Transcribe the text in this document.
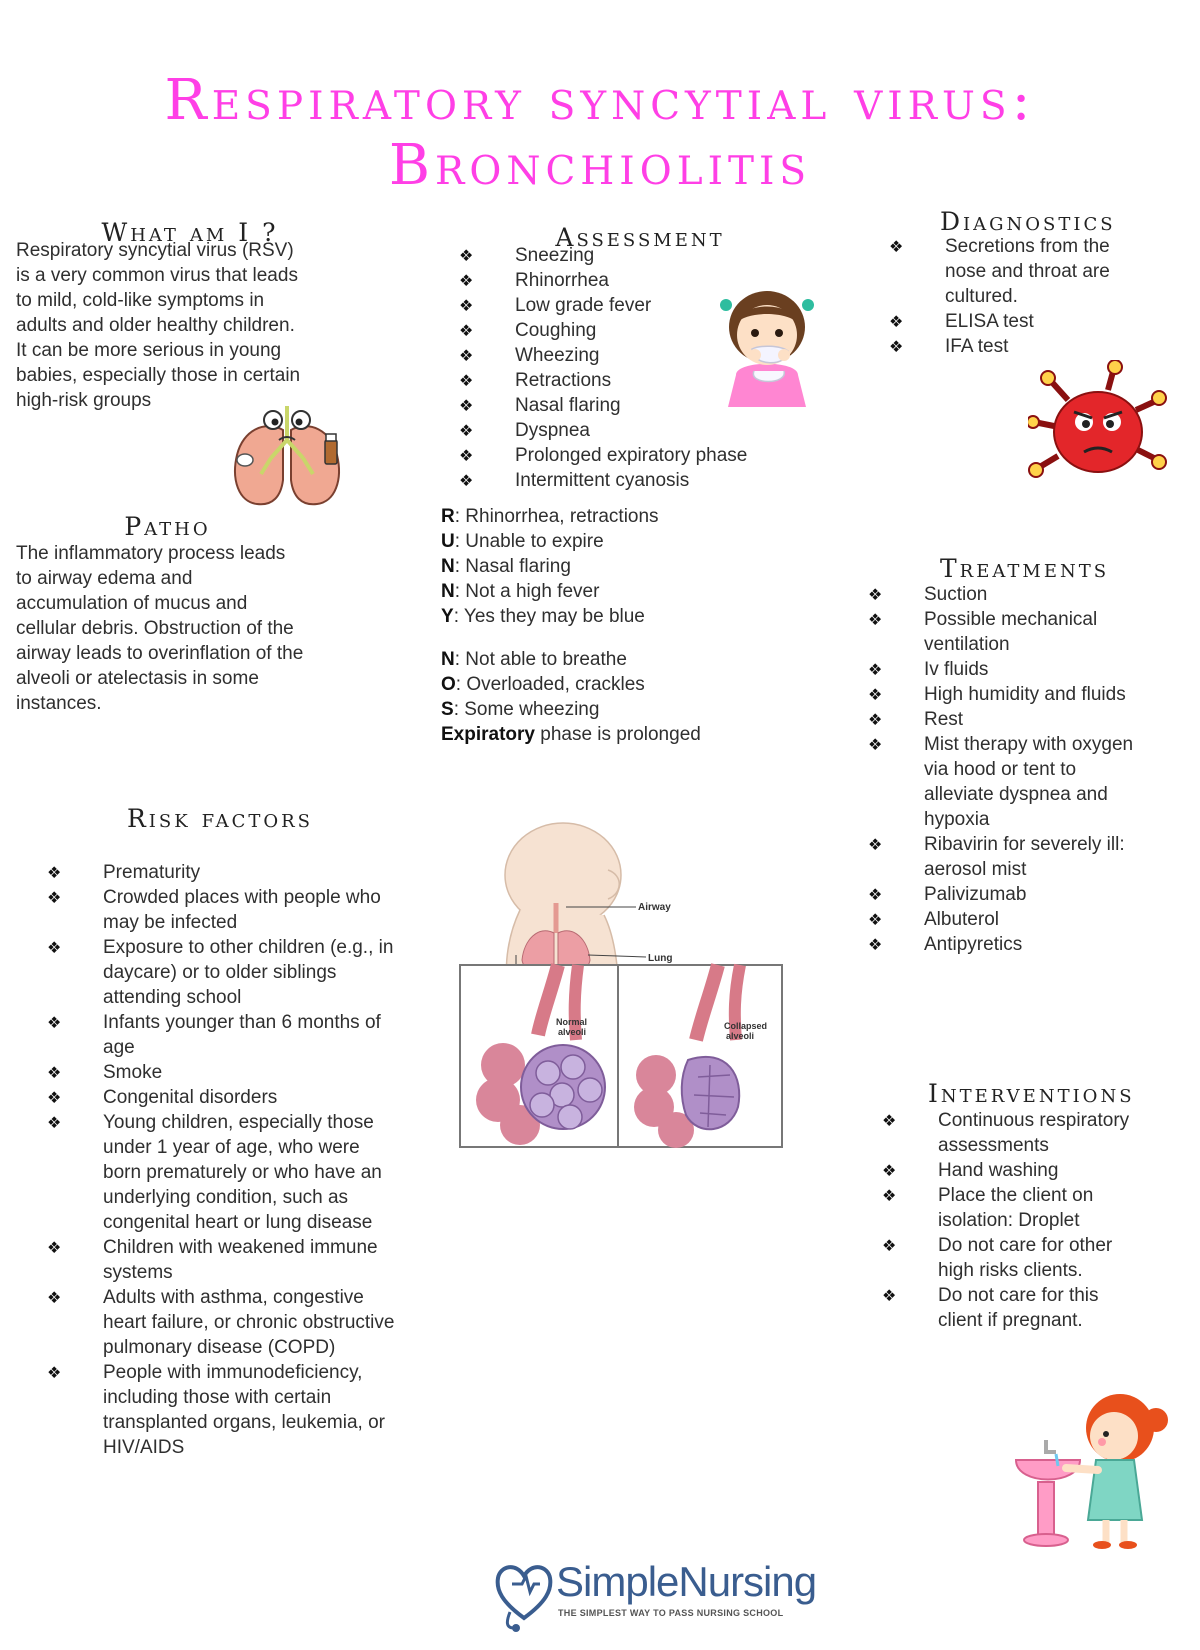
Respiratory syncytial virus: Bronchiolitis
What am I ?

Respiratory syncytial virus (RSV)
is a very common virus that leads
to mild, cold-like symptoms in
adults and older healthy children.
It can be more serious in young
babies, especially those in certain
high-risk groups

Patho

The inflammatory process leads
to airway edema and
accumulation of mucus and
cellular debris. Obstruction of the
airway leads to overinflation of the
alveoli or atelectasis in some
instances.

Risk factors
❖ Prematurity
❖ Crowded places with people who
may be infected
❖ Exposure to other children (e.g., in
daycare) or to older siblings
attending school
❖ Infants younger than 6 months of
age
❖ Smoke
❖ Congenital disorders
❖ Young children, especially those
under 1 year of age, who were
born prematurely or who have an
underlying condition, such as
congenital heart or lung disease
❖ Children with weakened immune
systems
❖ Adults with asthma, congestive
heart failure, or chronic obstructive
pulmonary disease (COPD)
❖ People with immunodeficiency,
including those with certain
transplanted organs, leukemia, or
HIV/AIDS
Assessment
❖ Sneezing
❖ Rhinorrhea
❖ Low grade fever
❖ Coughing
❖ Wheezing
❖ Retractions
❖ Nasal flaring
❖ Dyspnea
❖ Prolonged expiratory phase
❖ Intermittent cyanosis
R: Rhinorrhea, retractions
U: Unable to expire
N: Nasal flaring
N: Not a high fever
Y: Yes they may be blue
N: Not able to breathe
O: Overloaded, crackles
S: Some wheezing
Expiratory phase is prolonged
Airway
Lung
Normal
alveoli
Collapsed
alveoli
Diagnostics
❖ Secretions from the
nose and throat are
cultured.
❖ ELISA test
❖ IFA test
Treatments
❖ Suction
❖ Possible mechanical
ventilation
❖ Iv fluids
❖ High humidity and fluids
❖ Rest
❖ Mist therapy with oxygen
via hood or tent to
alleviate dyspnea and
hypoxia
❖ Ribavirin for severely ill:
aerosol mist
❖ Palivizumab
❖ Albuterol
❖ Antipyretics
Interventions
❖ Continuous respiratory
assessments
❖ Hand washing
❖ Place the client on
isolation: Droplet
❖ Do not care for other
high risks clients.
❖ Do not care for this
client if pregnant.
SimpleNursing
THE SIMPLEST WAY TO PASS NURSING SCHOOL
